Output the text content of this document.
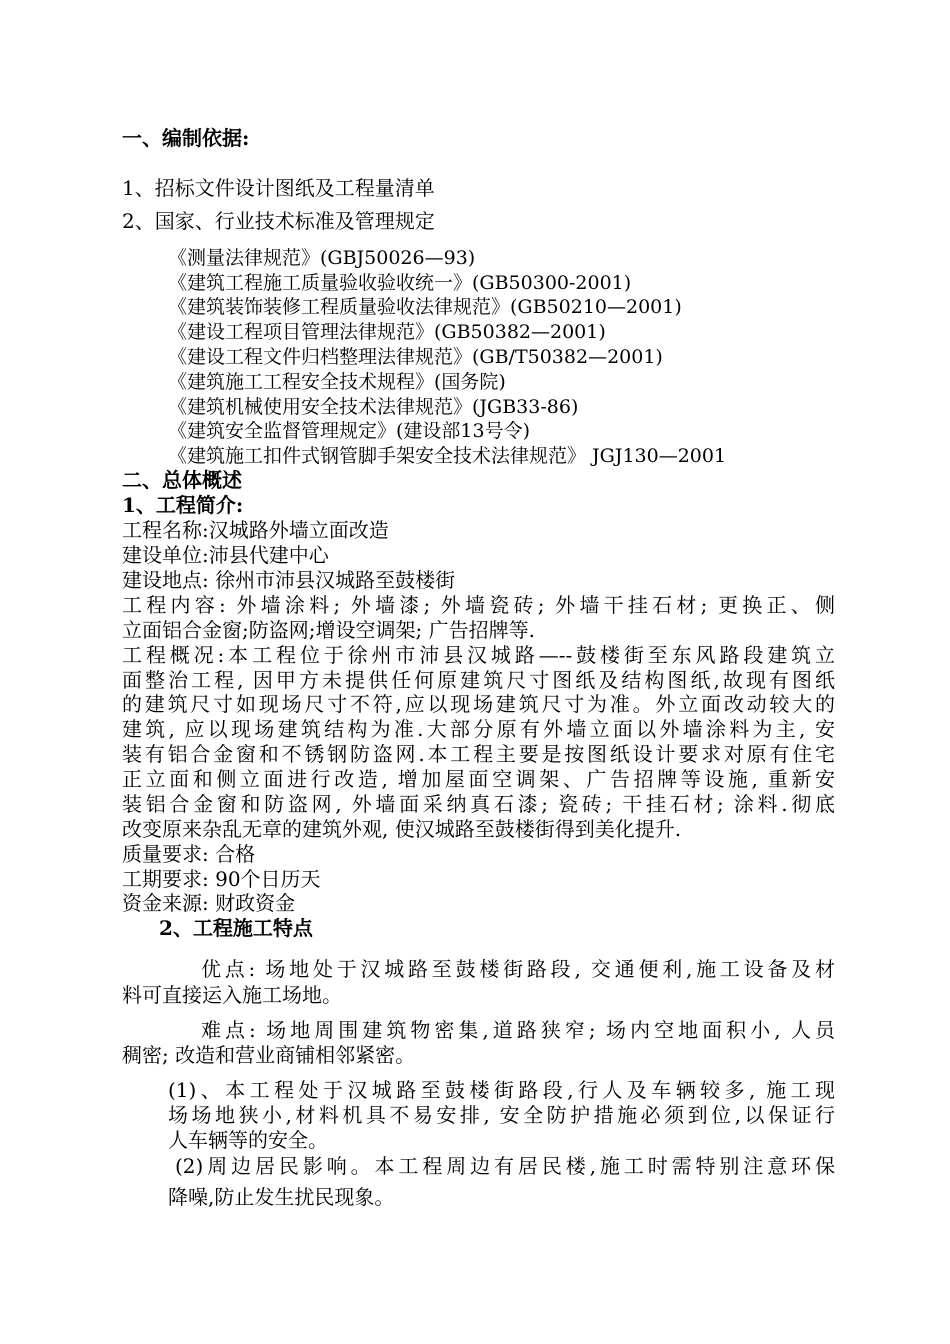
一、编制依据:
1、招标文件设计图纸及工程量清单
2、国家、行业技术标准及管理规定
《测量法律规范》(GBJ50026—93)
《建筑工程施工质量验收验收统一》(GB50300-2001)
《建筑装饰装修工程质量验收法律规范》(GB50210—2001)
《建设工程项目管理法律规范》(GB50382—2001)
《建设工程文件归档整理法律规范》(GB/T50382—2001)
《建筑施工工程安全技术规程》(国务院)
《建筑机械使用安全技术法律规范》(JGB33-86)
《建筑安全监督管理规定》(建设部13号令)
《建筑施工扣件式钢管脚手架安全技术法律规范》 JGJ130—2001
二、总体概述
1、工程简介:
工程名称:汉城路外墙立面改造
建设单位:沛县代建中心
建设地点: 徐州市沛县汉城路至鼓楼街
工程内容: 外墙涂料; 外墙漆; 外墙瓷砖; 外墙干挂石材; 更换正、侧
立面铝合金窗;防盗网;增设空调架; 广告招牌等.
工程概况:本工程位于徐州市沛县汉城路—--鼓楼街至东风路段建筑立
面整治工程, 因甲方未提供任何原建筑尺寸图纸及结构图纸,故现有图纸
的建筑尺寸如现场尺寸不符,应以现场建筑尺寸为准。外立面改动较大的
建筑, 应以现场建筑结构为准.大部分原有外墙立面以外墙涂料为主, 安
装有铝合金窗和不锈钢防盗网.本工程主要是按图纸设计要求对原有住宅
正立面和侧立面进行改造, 增加屋面空调架、广告招牌等设施, 重新安
装铝合金窗和防盗网, 外墙面采纳真石漆; 瓷砖; 干挂石材; 涂料.彻底
改变原来杂乱无章的建筑外观, 使汉城路至鼓楼街得到美化提升.
质量要求: 合格
工期要求: 90个日历天
资金来源: 财政资金
2、工程施工特点
优点: 场地处于汉城路至鼓楼街路段, 交通便利,施工设备及材
料可直接运入施工场地。
难点: 场地周围建筑物密集,道路狭窄; 场内空地面积小, 人员
稠密; 改造和营业商铺相邻紧密。
(1)、本工程处于汉城路至鼓楼街路段,行人及车辆较多, 施工现
场场地狭小,材料机具不易安排, 安全防护措施必须到位,以保证行
人车辆等的安全。
(2)周边居民影响。本工程周边有居民楼,施工时需特别注意环保
降噪,防止发生扰民现象。
